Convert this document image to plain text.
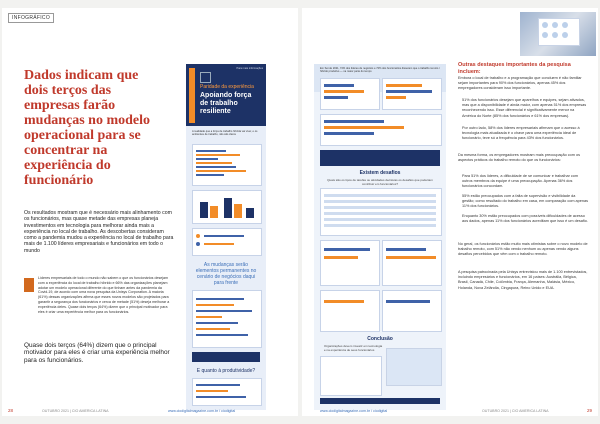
INFOGRÁFICO
Dados indicam que dois terços das empresas farão mudanças no modelo operacional para se concentrar na experiência do funcionário
Os resultados mostram que é necessário mais alinhamento com os funcionários, mas quase metade das empresas planeja investimentos em tecnologia para melhorar ainda mais a experiência no local de trabalho. As descobertas consideram como a pandemia mudou a experiência no local de trabalho para mais de 1.100 líderes empresariais e funcionários em todo o mundo
Líderes empresariais de todo o mundo não sabem o que os funcionários desejam com a experiência do local de trabalho híbrido e 66% das organizações planejam adotar um modelo operacional diferente do que tinham antes da pandemia da Covid-19, de acordo com uma nova pesquisa da Unisys Corporation. A maioria (61%) dessas organizações afirma que esses novos modelos são projetados para garantir a segurança dos funcionários e cerca de metade (51%) deseja melhorar a experiência deles. Quase dois terços (64%) dizem que o principal motivador para eles é criar uma experiência melhor para os funcionários.
Quase dois terços (64%) dizem que o principal motivador para eles é criar uma experiência melhor para os funcionários.
Para mais informações
Paridade da experiência
Apoiando força de trabalho resiliente
A realidade que a força de trabalho híbrida vai viver, e os ambientes de trabalho, não são claros
As mudanças serão elementos permanentes no cenário de negócios daqui para frente
E quanto à produtividade?
28	OUTUBRO 2021 | CIO AMERICA LATINA	www.ciodigitalmagazine.com.br / ciodigital
Em Set de 2021, 72% dos líderes de negócios e 72% dos funcionários disseram que o trabalho remoto / híbrido produtivo — na maior parte do tempo
Existem desafios
Quais são os tipos de tarefas ou atividades decisivas os desafios que poderiam contribuir em funcionários?
Conclusão
Organizações devem investir em tecnologia e na experiência de seus funcionários
Outras destaques importantes da pesquisa incluem:
Embora o local de trabalho e a programação que concluem é não familiar sejam importantes para 90% dos funcionários, apenas 45% dos empregadores consideram isso importante.
51% dos funcionários desejam que aparelhos e equipes, sejam ativados, mas que a disponibilidade é ainda maior, com apenas 51% dos empresas reconhecendo isso. Esse diferencial é significativamente menor na América do Norte (85% dos funcionários e 61% dos empresas).
Por outro lado, 58% dos líderes empresariais afirmam que o acesso à tecnologia mais atualizada é o chave para uma experiência ideal de funcionário, teve só a frequência para 43% dos funcionários.
Da mesma forma, os empregadores mostram mais preocupação com os aspectos práticos do trabalho remoto do que os funcionários:
Para 51% dos líderes, a dificuldade de se comunicar e trabalhar com outros membros da equipe é uma preocupação. Apenas 36% dos funcionários concordam.
55% estão preocupados com a falta de supervisão e visibilidade da gestão; como resultado do trabalho em casa, em comparação com apenas 11% dos funcionários.
Enquanto 30% estão preocupados com possíveis dificuldades de acesso aos dados, apenas 11% dos funcionários acreditam que isso é um desafio.
No geral, os funcionários estão muito mais otimistas sobre o novo modelo de trabalho remoto, com 51% não vendo nenhum ou apenas vendo alguns desafios percebidos que vêm com o trabalho remoto.
A pesquisa patrocinada pela Unisys entrevistou mais de 1.100 entrevistados, incluindo empresários e funcionários, em 16 países: Austrália, Bélgica, Brasil, Canadá, Chile, Colômbia, França, Alemanha, Malásia, México, Holanda, Nova Zelândia, Cingapura, Reino Unido e EUA.
www.ciodigitalmagazine.com.br / ciodigital	OUTUBRO 2021 | CIO AMERICA LATINA	29
